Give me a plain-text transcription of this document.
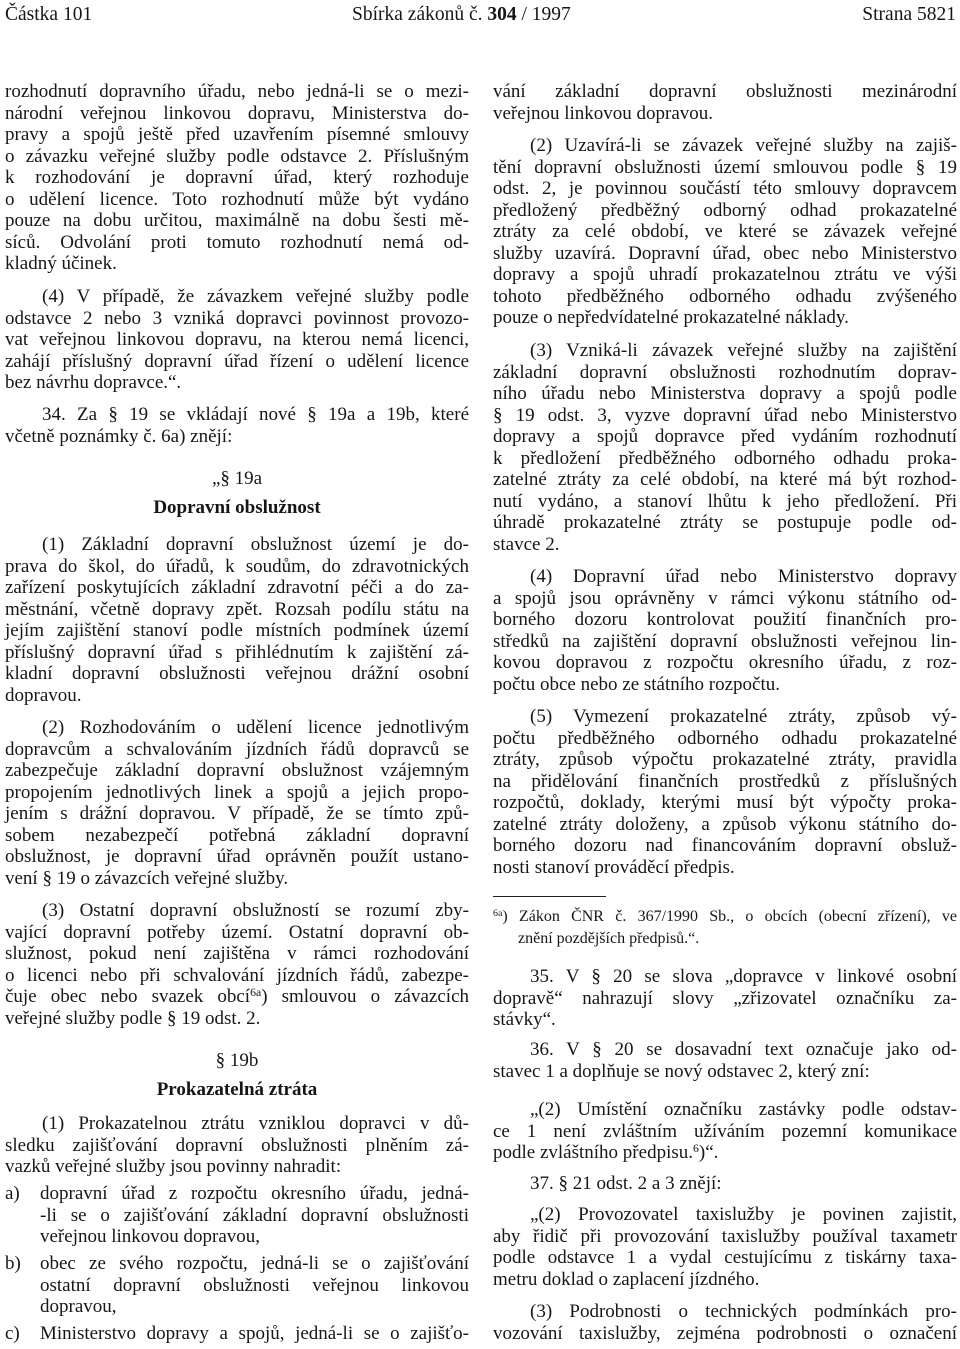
Částka 101	Sbírka zákonů č. 304 / 1997	Strana 5821
rozhodnutí dopravního úřadu, nebo jedná-li se o mezi-
národní veřejnou linkovou dopravu, Ministerstva do-
pravy a spojů ještě před uzavřením písemné smlouvy
o závazku veřejné služby podle odstavce 2. Příslušným
k rozhodování je dopravní úřad, který rozhoduje
o udělení licence. Toto rozhodnutí může být vydáno
pouze na dobu určitou, maximálně na dobu šesti mě-
síců. Odvolání proti tomuto rozhodnutí nemá od-
kladný účinek.
(4) V případě, že závazkem veřejné služby podle
odstavce 2 nebo 3 vzniká dopravci povinnost provozo-
vat veřejnou linkovou dopravu, na kterou nemá licenci,
zahájí příslušný dopravní úřad řízení o udělení licence
bez návrhu dopravce.“.
34. Za § 19 se vkládají nové § 19a a 19b, které
včetně poznámky č. 6a) znějí:
„§ 19a
Dopravní obslužnost
(1) Základní dopravní obslužnost území je do-
prava do škol, do úřadů, k soudům, do zdravotnických
zařízení poskytujících základní zdravotní péči a do za-
městnání, včetně dopravy zpět. Rozsah podílu státu na
jejím zajištění stanoví podle místních podmínek území
příslušný dopravní úřad s přihlédnutím k zajištění zá-
kladní dopravní obslužnosti veřejnou drážní osobní
dopravou.
(2) Rozhodováním o udělení licence jednotlivým
dopravcům a schvalováním jízdních řádů dopravců se
zabezpečuje základní dopravní obslužnost vzájemným
propojením jednotlivých linek a spojů a jejich propo-
jením s drážní dopravou. V případě, že se tímto způ-
sobem nezabezpečí potřebná základní dopravní
obslužnost, je dopravní úřad oprávněn použít ustano-
vení § 19 o závazcích veřejné služby.
(3) Ostatní dopravní obslužností se rozumí zby-
vající dopravní potřeby území. Ostatní dopravní ob-
služnost, pokud není zajištěna v rámci rozhodování
o licenci nebo při schvalování jízdních řádů, zabezpe-
čuje obec nebo svazek obcí$^{6a}$) smlouvou o závazcích
veřejné služby podle § 19 odst. 2.
§ 19b
Prokazatelná ztráta
(1) Prokazatelnou ztrátu vzniklou dopravci v dů-
sledku zajišťování dopravní obslužnosti plněním zá-
vazků veřejné služby jsou povinny nahradit:
a) dopravní úřad z rozpočtu okresního úřadu, jedná-
-li se o zajišťování základní dopravní obslužnosti
veřejnou linkovou dopravou,
b) obec ze svého rozpočtu, jedná-li se o zajišťování
ostatní dopravní obslužnosti veřejnou linkovou
dopravou,
c) Ministerstvo dopravy a spojů, jedná-li se o zajišťo-
vání základní dopravní obslužnosti mezinárodní
veřejnou linkovou dopravou.
(2) Uzavírá-li se závazek veřejné služby na zajiš-
tění dopravní obslužnosti území smlouvou podle § 19
odst. 2, je povinnou součástí této smlouvy dopravcem
předložený předběžný odborný odhad prokazatelné
ztráty za celé období, ve které se závazek veřejné
služby uzavírá. Dopravní úřad, obec nebo Ministerstvo
dopravy a spojů uhradí prokazatelnou ztrátu ve výši
tohoto předběžného odborného odhadu zvýšeného
pouze o nepředvídatelné prokazatelné náklady.
(3) Vzniká-li závazek veřejné služby na zajištění
základní dopravní obslužnosti rozhodnutím doprav-
ního úřadu nebo Ministerstva dopravy a spojů podle
§ 19 odst. 3, vyzve dopravní úřad nebo Ministerstvo
dopravy a spojů dopravce před vydáním rozhodnutí
k předložení předběžného odborného odhadu proka-
zatelné ztráty za celé období, na které má být rozhod-
nutí vydáno, a stanoví lhůtu k jeho předložení. Při
úhradě prokazatelné ztráty se postupuje podle od-
stavce 2.
(4) Dopravní úřad nebo Ministerstvo dopravy
a spojů jsou oprávněny v rámci výkonu státního od-
borného dozoru kontrolovat použití finančních pro-
středků na zajištění dopravní obslužnosti veřejnou lin-
kovou dopravou z rozpočtu okresního úřadu, z roz-
počtu obce nebo ze státního rozpočtu.
(5) Vymezení prokazatelné ztráty, způsob vý-
počtu předběžného odborného odhadu prokazatelné
ztráty, způsob výpočtu prokazatelné ztráty, pravidla
na přidělování finančních prostředků z příslušných
rozpočtů, doklady, kterými musí být výpočty proka-
zatelné ztráty doloženy, a způsob výkonu státního do-
borného dozoru nad financováním dopravní obsluž-
nosti stanoví prováděcí předpis.
$^{6a}$) Zákon ČNR č. 367/1990 Sb., o obcích (obecní zřízení), ve
znění pozdějších předpisů.“.
35. V § 20 se slova „dopravce v linkové osobní
dopravě“ nahrazují slovy „zřizovatel označníku za-
stávky“.
36. V § 20 se dosavadní text označuje jako od-
stavec 1 a doplňuje se nový odstavec 2, který zní:
„(2) Umístění označníku zastávky podle odstav-
ce 1 není zvláštním užíváním pozemní komunikace
podle zvláštního předpisu.$^6$)“.
37. § 21 odst. 2 a 3 znějí:
„(2) Provozovatel taxislužby je povinen zajistit,
aby řidič při provozování taxislužby používal taxametr
podle odstavce 1 a vydal cestujícímu z tiskárny taxa-
metru doklad o zaplacení jízdného.
(3) Podrobnosti o technických podmínkách pro-
vozování taxislužby, zejména podrobnosti o označení
